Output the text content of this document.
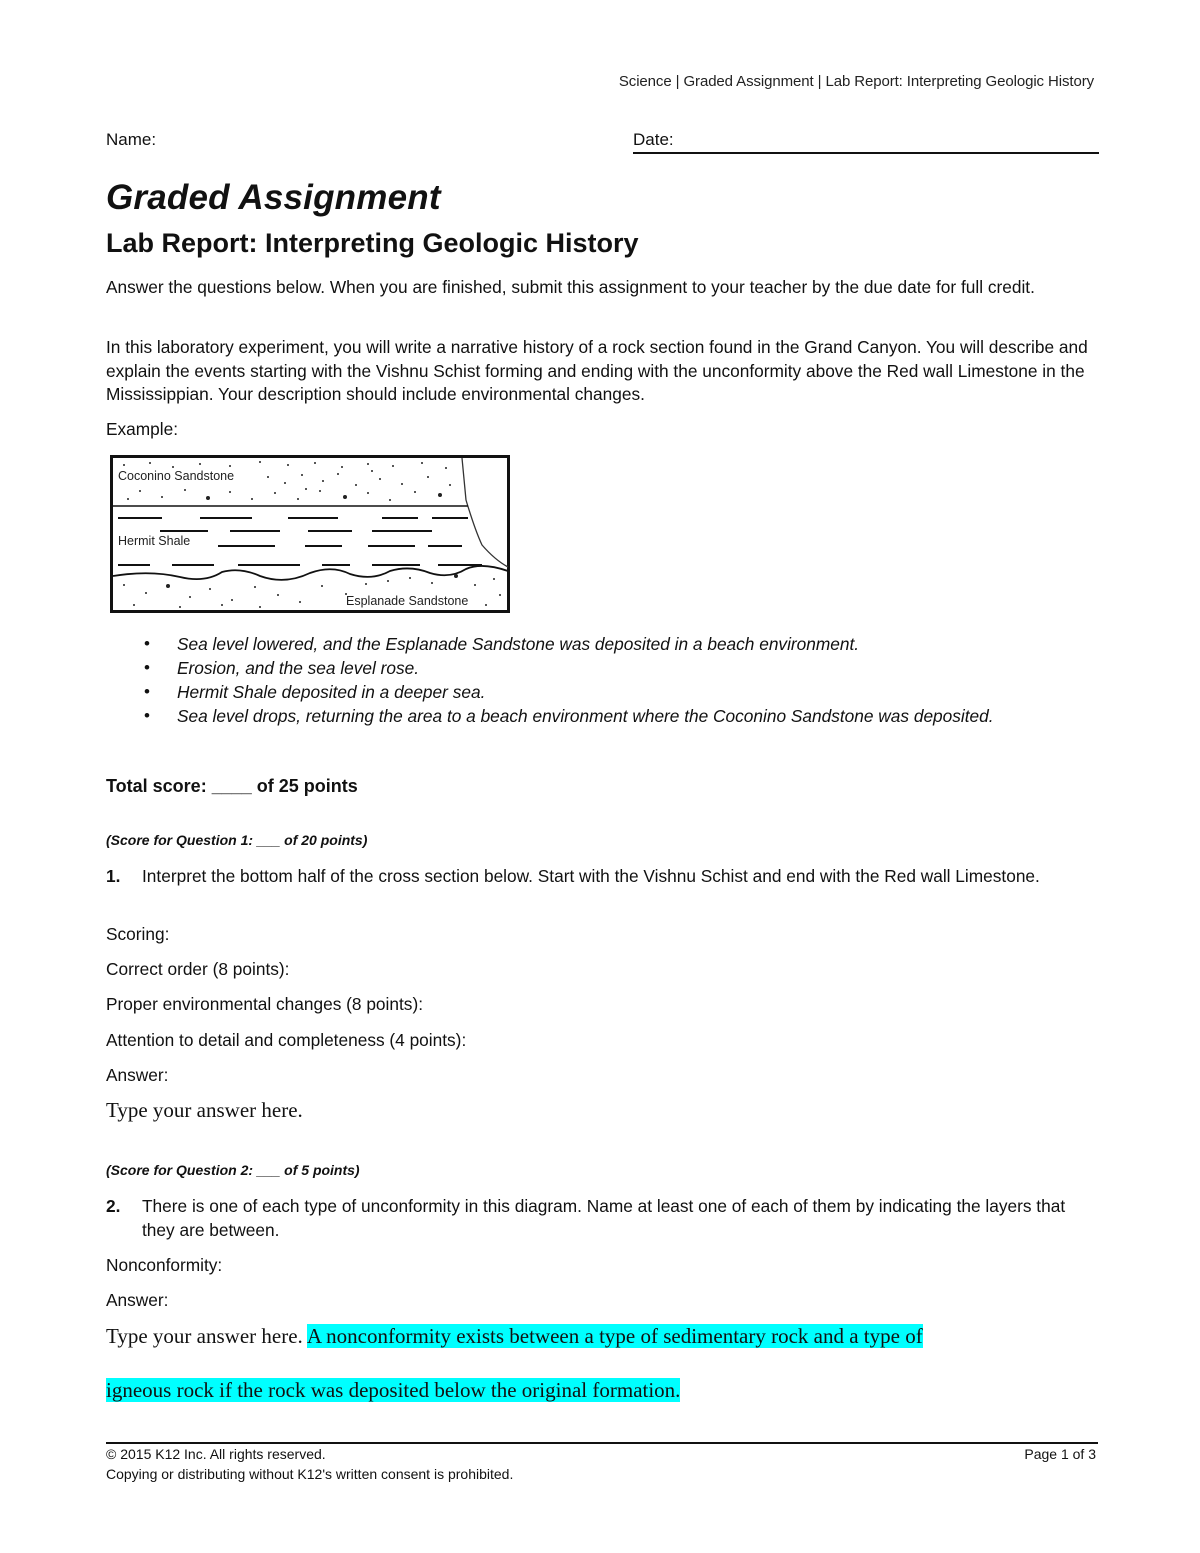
Science | Graded Assignment | Lab Report: Interpreting Geologic History
Name:	Date:
Graded Assignment
Lab Report: Interpreting Geologic History
Answer the questions below. When you are finished, submit this assignment to your teacher by the due date for full credit.
In this laboratory experiment, you will write a narrative history of a rock section found in the Grand Canyon. You will describe and explain the events starting with the Vishnu Schist forming and ending with the unconformity above the Red wall Limestone in the Mississippian. Your description should include environmental changes.
Example:
Coconino Sandstone
Hermit Shale
Esplanade Sandstone
• Sea level lowered, and the Esplanade Sandstone was deposited in a beach environment.
• Erosion, and the sea level rose.
• Hermit Shale deposited in a deeper sea.
• Sea level drops, returning the area to a beach environment where the Coconino Sandstone was deposited.
Total score: ____ of 25 points
(Score for Question 1: ___ of 20 points)
1.	Interpret the bottom half of the cross section below. Start with the Vishnu Schist and end with the Red wall Limestone.
Scoring:
Correct order (8 points):
Proper environmental changes (8 points):
Attention to detail and completeness (4 points):
Answer:
Type your answer here.
(Score for Question 2: ___ of 5 points)
2.	There is one of each type of unconformity in this diagram. Name at least one of each of them by indicating the layers that they are between.
Nonconformity:
Answer:
Type your answer here. A nonconformity exists between a type of sedimentary rock and a type of
igneous rock if the rock was deposited below the original formation.
© 2015 K12 Inc. All rights reserved.
Copying or distributing without K12's written consent is prohibited.
Page 1 of 3
